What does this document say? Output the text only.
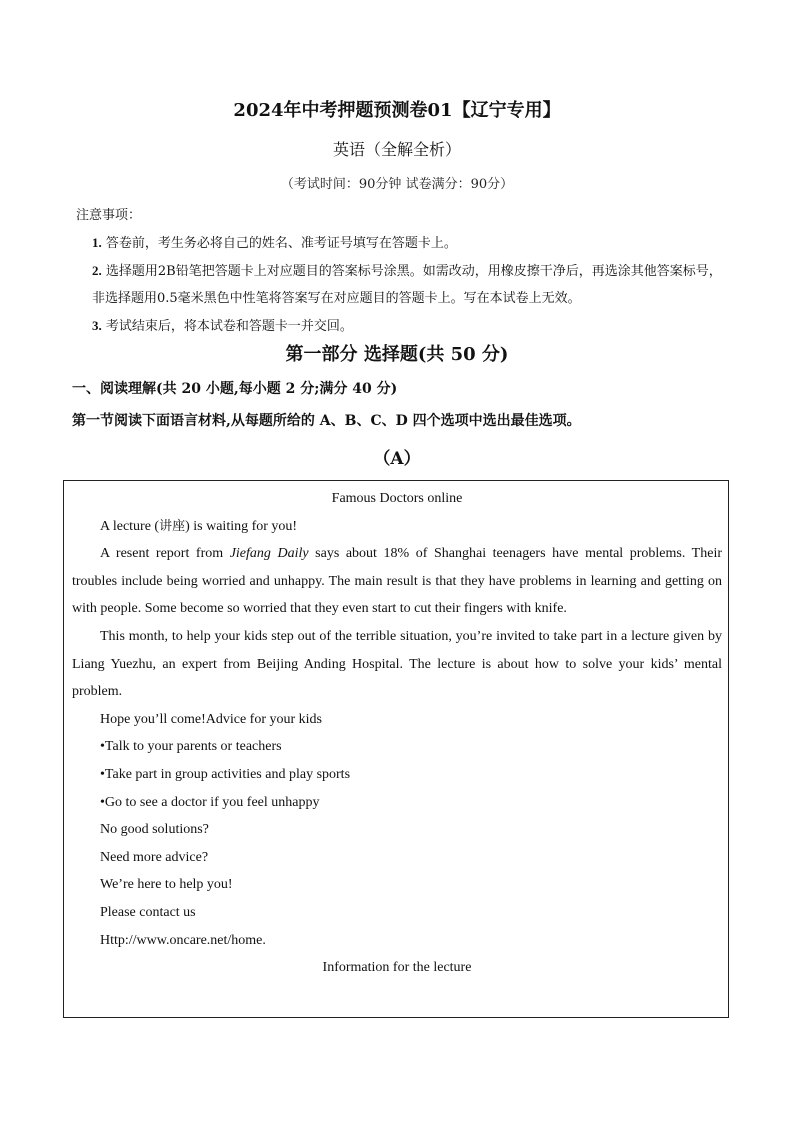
2024年中考押题预测卷01【辽宁专用】
英语（全解全析）
（考试时间：90分钟 试卷满分：90分）
注意事项：
1. 答卷前，考生务必将自己的姓名、准考证号填写在答题卡上。
2. 选择题用2B铅笔把答题卡上对应题目的答案标号涂黑。如需改动，用橡皮擦干净后，再选涂其他答案标号，非选择题用0.5毫米黑色中性笔将答案写在对应题目的答题卡上。写在本试卷上无效。
3. 考试结束后，将本试卷和答题卡一并交回。
第一部分 选择题(共 50 分)
一、阅读理解(共 20 小题,每小题 2 分;满分 40 分)
第一节阅读下面语言材料,从每题所给的 A、B、C、D 四个选项中选出最佳选项。
（A）
Famous Doctors online
A lecture (讲座) is waiting for you!
A resent report from Jiefang Daily says about 18% of Shanghai teenagers have mental problems. Their troubles include being worried and unhappy. The main result is that they have problems in learning and getting on with people. Some become so worried that they even start to cut their fingers with knife.
This month, to help your kids step out of the terrible situation, you’re invited to take part in a lecture given by Liang Yuezhu, an expert from Beijing Anding Hospital. The lecture is about how to solve your kids’ mental problem.
Hope you’ll come!Advice for your kids
•Talk to your parents or teachers
•Take part in group activities and play sports
•Go to see a doctor if you feel unhappy
No good solutions?
Need more advice?
We’re here to help you!
Please contact us
Http://www.oncare.net/home.
Information for the lecture
